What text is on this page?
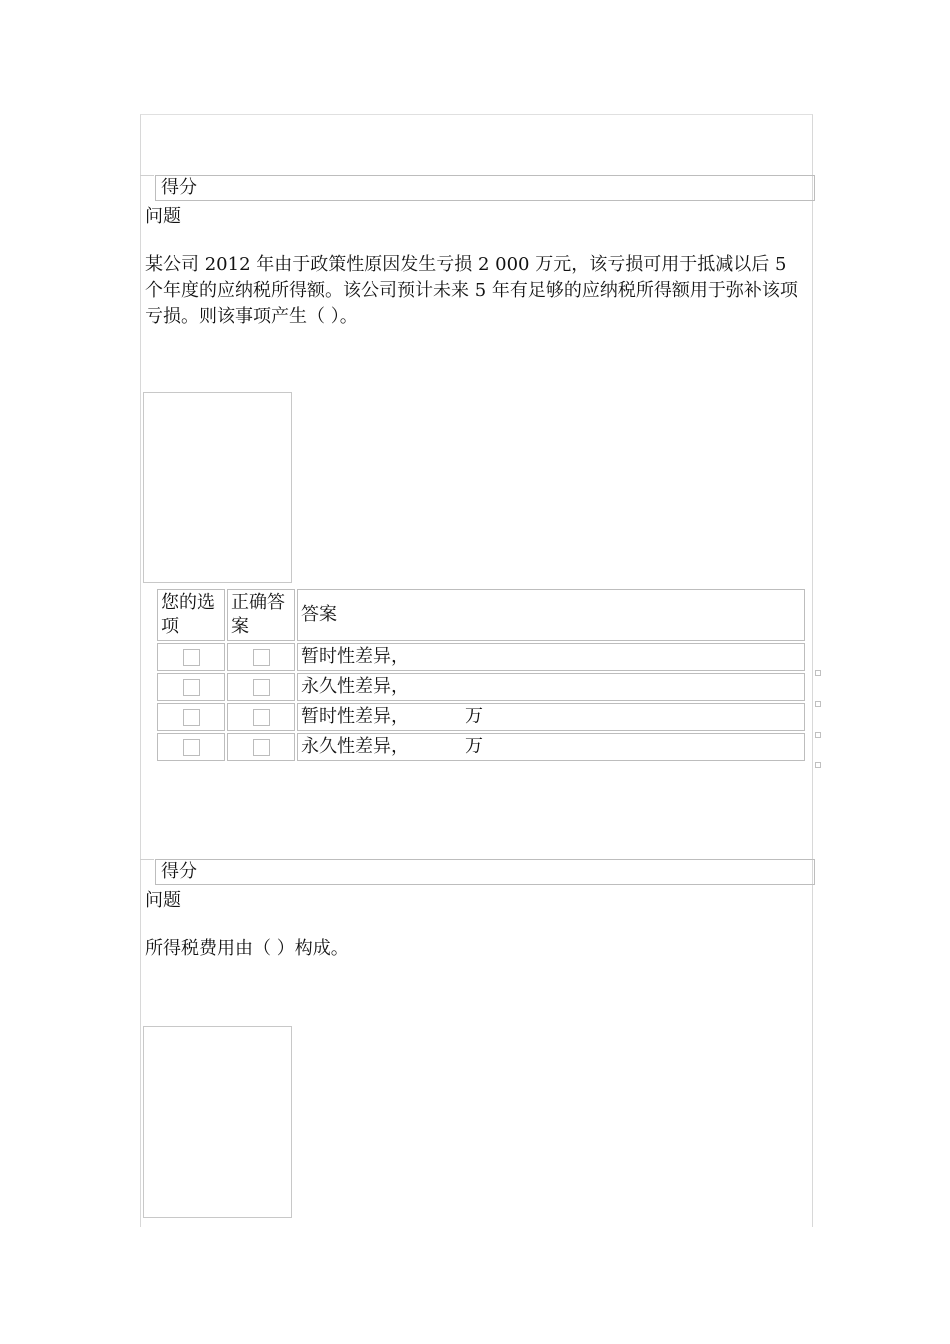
得分
问题
某公司 2012 年由于政策性原因发生亏损 2 000 万元，该亏损可用于抵减以后 5 个年度的应纳税所得额。该公司预计未来 5 年有足够的应纳税所得额用于弥补该项亏损。则该事项产生（ ）。
您的选项	正确答案	答案
		暂时性差异，
		永久性差异，
		暂时性差异， 万
		永久性差异， 万
得分
问题
所得税费用由（ ）构成。
